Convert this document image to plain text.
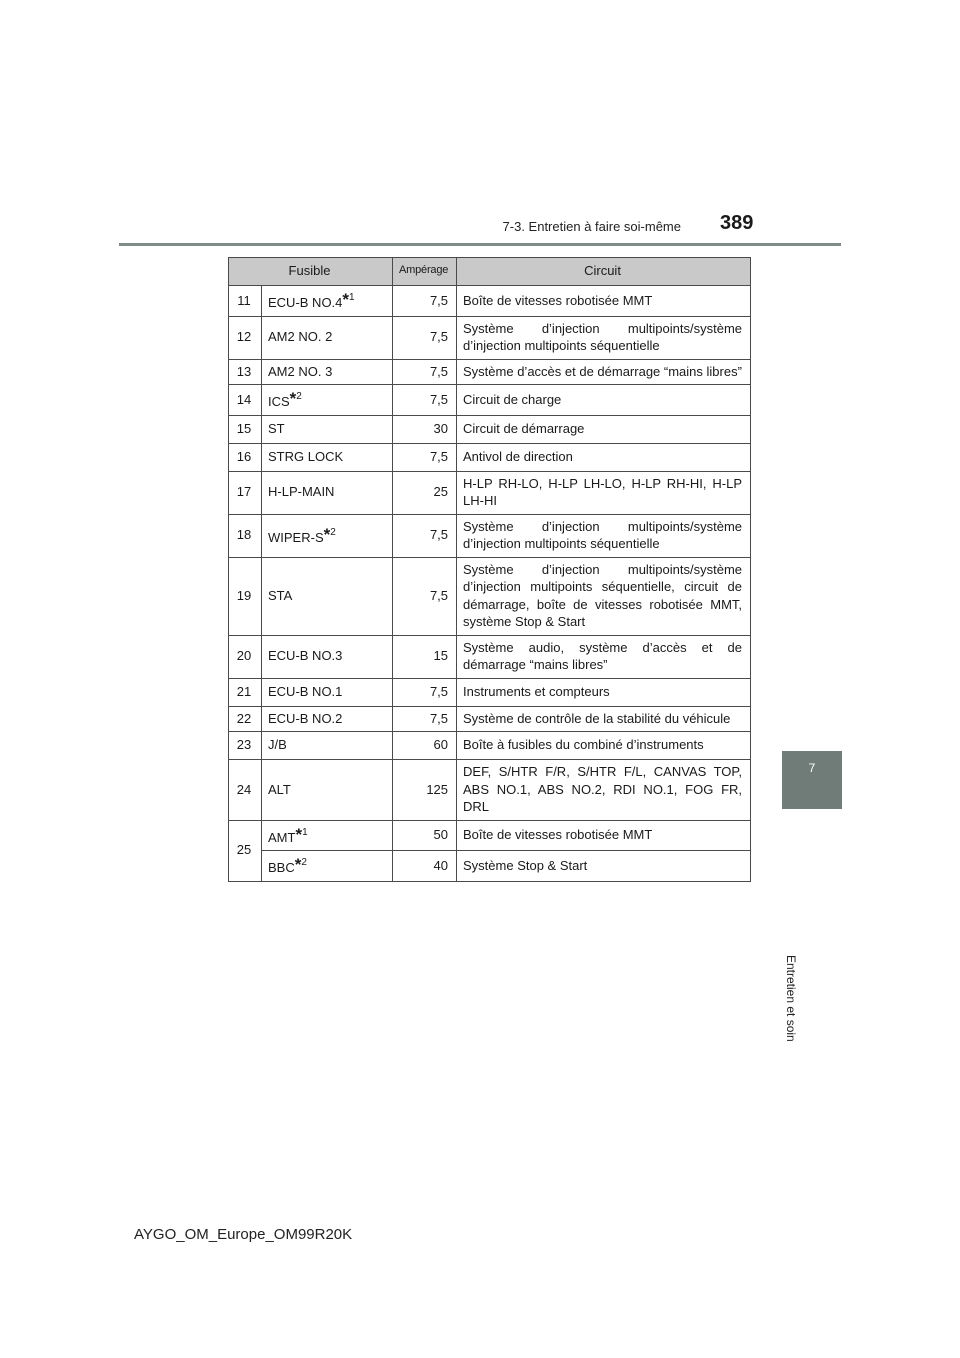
7-3. Entretien à faire soi-même 389
7
Entretien et soin
Fusible		Ampérage	Circuit
11	ECU-B NO.4*$^1$	7,5	Boîte de vitesses robotisée MMT
12	AM2 NO. 2	7,5	Système d’injection multipoints/système d’injection multipoints séquentielle
13	AM2 NO. 3	7,5	Système d’accès et de démarrage “mains libres”
14	ICS*$^2$	7,5	Circuit de charge
15	ST	30	Circuit de démarrage
16	STRG LOCK	7,5	Antivol de direction
17	H-LP-MAIN	25	H-LP RH-LO, H-LP LH-LO, H-LP RH-HI, H-LP LH-HI
18	WIPER-S*$^2$	7,5	Système d’injection multipoints/système d’injection multipoints séquentielle
19	STA	7,5	Système d’injection multipoints/système d’injection multipoints séquentielle, circuit de démarrage, boîte de vitesses robotisée MMT, système Stop & Start
20	ECU-B NO.3	15	Système audio, système d’accès et de démarrage “mains libres”
21	ECU-B NO.1	7,5	Instruments et compteurs
22	ECU-B NO.2	7,5	Système de contrôle de la stabilité du véhicule
23	J/B	60	Boîte à fusibles du combiné d’instruments
24	ALT	125	DEF, S/HTR F/R, S/HTR F/L, CANVAS TOP, ABS NO.1, ABS NO.2, RDI NO.1, FOG FR, DRL
25	AMT*$^1$	50	Boîte de vitesses robotisée MMT
	BBC*$^2$	40	Système Stop & Start
AYGO_OM_Europe_OM99R20K
